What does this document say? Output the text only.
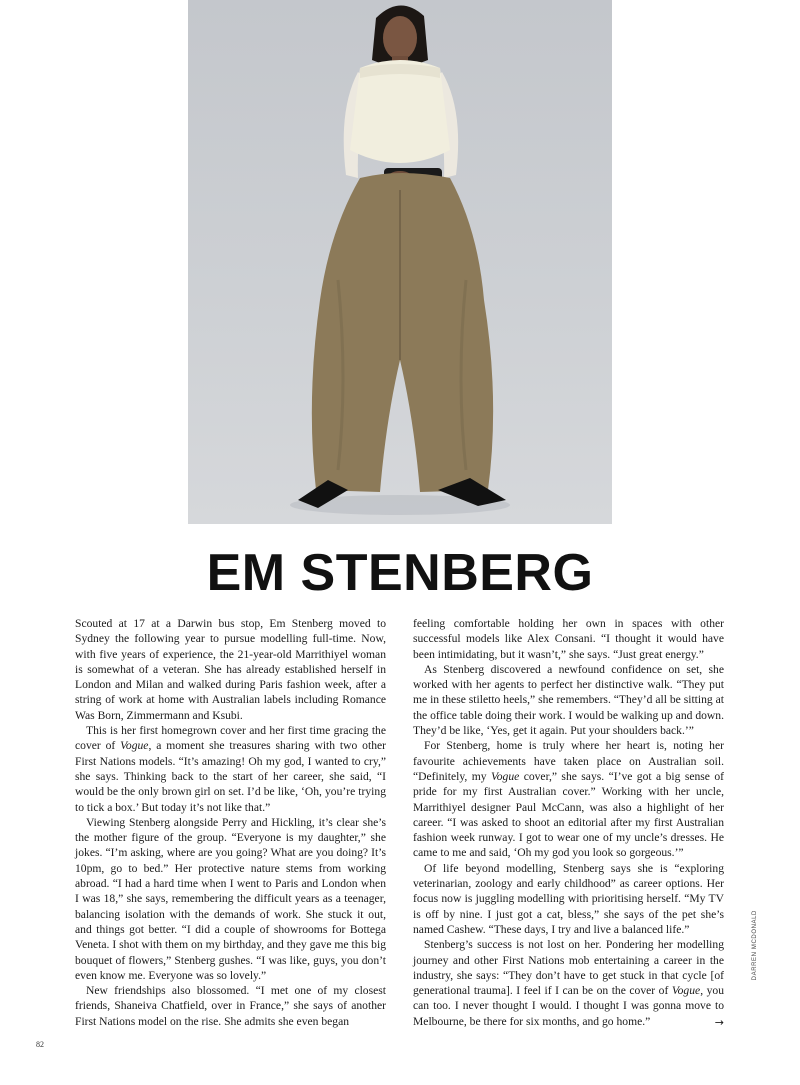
EM STENBERG

Scouted at 17 at a Darwin bus stop, Em Stenberg moved to Sydney the following year to pursue modelling full-time. Now, with five years of experience, the 21-year-old Marrithiyel woman is somewhat of a veteran. She has already established herself in London and Milan and walked during Paris fashion week, after a string of work at home with Australian labels including Romance Was Born, Zimmermann and Ksubi.

This is her first homegrown cover and her first time gracing the cover of Vogue, a moment she treasures sharing with two other First Nations models. “It’s amazing! Oh my god, I wanted to cry,” she says. Thinking back to the start of her career, she said, “I would be the only brown girl on set. I’d be like, ‘Oh, you’re trying to tick a box.’ But today it’s not like that.”

Viewing Stenberg alongside Perry and Hickling, it’s clear she’s the mother figure of the group. “Everyone is my daughter,” she jokes. “I’m asking, where are you going? What are you doing? It’s 10pm, go to bed.” Her protective nature stems from working abroad. “I had a hard time when I went to Paris and London when I was 18,” she says, remembering the difficult years as a teenager, balancing isolation with the demands of work. She stuck it out, and things got better. “I did a couple of showrooms for Bottega Veneta. I shot with them on my birthday, and they gave me this big bouquet of flowers,” Stenberg gushes. “I was like, guys, you don’t even know me. Everyone was so lovely.”

New friendships also blossomed. “I met one of my closest friends, Shaneiva Chatfield, over in France,” she says of another First Nations model on the rise. She admits she even began

feeling comfortable holding her own in spaces with other successful models like Alex Consani. “I thought it would have been intimidating, but it wasn’t,” she says. “Just great energy.”

As Stenberg discovered a newfound confidence on set, she worked with her agents to perfect her distinctive walk. “They put me in these stiletto heels,” she remembers. “They’d all be sitting at the office table doing their work. I would be walking up and down. They’d be like, ‘Yes, get it again. Put your shoulders back.’”

For Stenberg, home is truly where her heart is, noting her favourite achievements have taken place on Australian soil. “Definitely, my Vogue cover,” she says. “I’ve got a big sense of pride for my first Australian cover.” Working with her uncle, Marrithiyel designer Paul McCann, was also a highlight of her career. “I was asked to shoot an editorial after my first Australian fashion week runway. I got to wear one of my uncle’s dresses. He came to me and said, ‘Oh my god you look so gorgeous.’”

Of life beyond modelling, Stenberg says she is “exploring veterinarian, zoology and early childhood” as career options. Her focus now is juggling modelling with prioritising herself. “My TV is off by nine. I just got a cat, bless,” she says of the pet she’s named Cashew. “These days, I try and live a balanced life.”

Stenberg’s success is not lost on her. Pondering her modelling journey and other First Nations mob entertaining a career in the industry, she says: “They don’t have to get stuck in that cycle [of generational trauma]. I feel if I can be on the cover of Vogue, you can too. I never thought I would. I thought I was gonna move to Melbourne, be there for six months, and go home.”	→
DARREN MCDONALD
82
